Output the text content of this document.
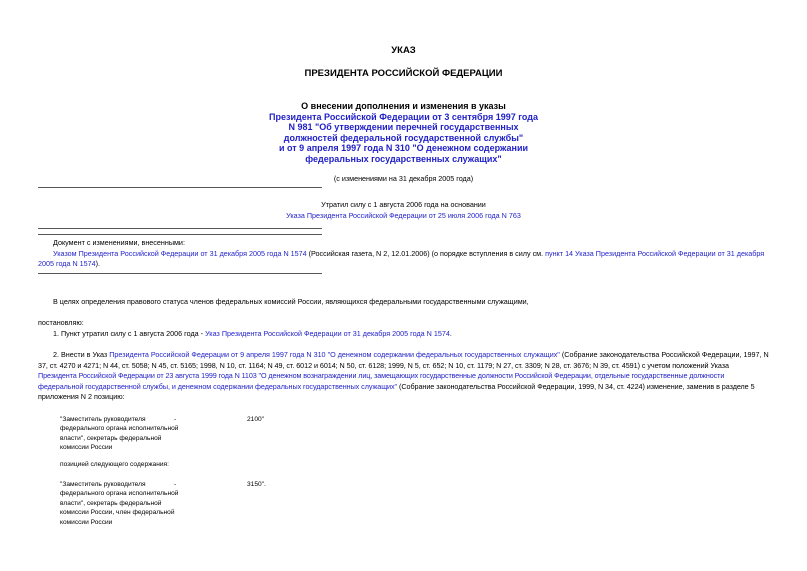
УКАЗ
ПРЕЗИДЕНТА РОССИЙСКОЙ ФЕДЕРАЦИИ
О внесении дополнения и изменения в указы
Президента Российской Федерации от 3 сентября 1997 года
N 981 "Об утверждении перечней государственных
должностей федеральной государственной службы"
и от 9 апреля 1997 года N 310 "О денежном содержании
федеральных государственных служащих"
(с изменениями на 31 декабря 2005 года)
Утратил силу с 1 августа 2006 года на основании
Указа Президента Российской Федерации от 25 июля 2006 года N 763
Документ с изменениями, внесенными:
Указом Президента Российской Федерации от 31 декабря 2005 года N 1574 (Российская газета, N 2, 12.01.2006) (о порядке вступления в силу см. пункт 14 Указа Президента Российской Федерации от 31 декабря
2005 года N 1574).
В целях определения правового статуса членов федеральных комиссий России, являющихся федеральными государственными служащими,
постановляю:
1. Пункт утратил силу с 1 августа 2006 года - Указ Президента Российской Федерации от 31 декабря 2005 года N 1574.
2. Внести в Указ Президента Российской Федерации от 9 апреля 1997 года N 310 "О денежном содержании федеральных государственных служащих" (Собрание законодательства Российской Федерации, 1997, N
37, ст. 4270 и 4271; N 44, ст. 5058; N 45, ст. 5165; 1998, N 10, ст. 1164; N 49, ст. 6012 и 6014; N 50, ст. 6128; 1999, N 5, ст. 652; N 10, ст. 1179; N 27, ст. 3309; N 28, ст. 3676; N 39, ст. 4591) с учетом положений Указа
Президента Российской Федерации от 23 августа 1999 года N 1103 "О денежном вознаграждении лиц, замещающих государственные должности Российской Федерации, отдельные государственные должности
федеральной государственной службы, и денежном содержании федеральных государственных служащих" (Собрание законодательства Российской Федерации, 1999, N 34, ст. 4224) изменение, заменив в разделе 5
приложения N 2 позицию:
"Заместитель руководителя
федерального органа исполнительной
власти", секретарь федеральной
комиссии России
-	2100"
позицией следующего содержания:
"Заместитель руководителя
федерального органа исполнительной
власти", секретарь федеральной
комиссии России, член федеральной
комиссии России
-	3150".
